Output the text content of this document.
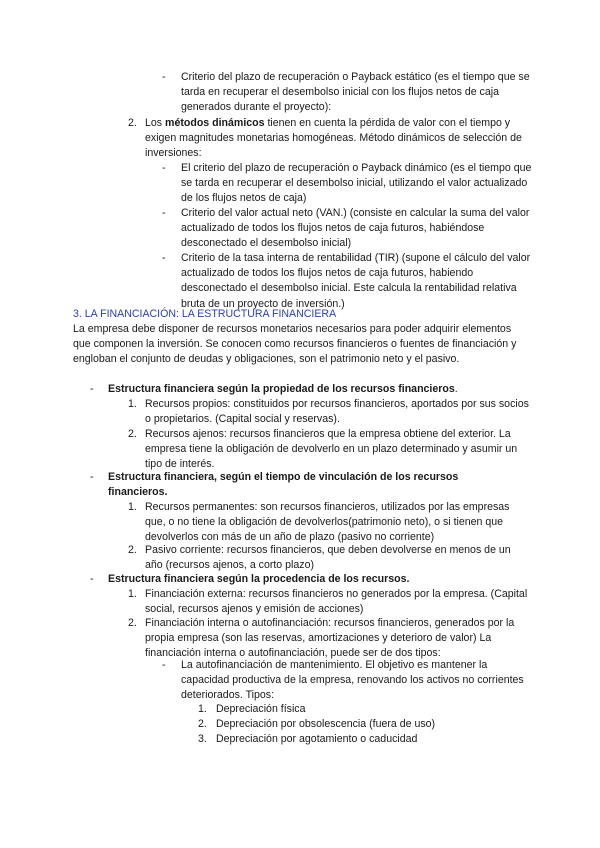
- Criterio del plazo de recuperación o Payback estático (es el tiempo que se tarda en recuperar el desembolso inicial con los flujos netos de caja generados durante el proyecto):
2. Los métodos dinámicos tienen en cuenta la pérdida de valor con el tiempo y exigen magnitudes monetarias homogéneas. Método dinámicos de selección de inversiones:
- El criterio del plazo de recuperación o Payback dinámico (es el tiempo que se tarda en recuperar el desembolso inicial, utilizando el valor actualizado de los flujos netos de caja)
- Criterio del valor actual neto (VAN.) (consiste en calcular la suma del valor actualizado de todos los flujos netos de caja futuros, habiéndose desconectado el desembolso inicial)
- Criterio de la tasa interna de rentabilidad (TIR) (supone el cálculo del valor actualizado de todos los flujos netos de caja futuros, habiendo desconectado el desembolso inicial. Este calcula la rentabilidad relativa bruta de un proyecto de inversión.)
3. LA FINANCIACIÓN: LA ESTRUCTURA FINANCIERA
La empresa debe disponer de recursos monetarios necesarios para poder adquirir elementos que componen la inversión. Se conocen como recursos financieros o fuentes de financiación y engloban el conjunto de deudas y obligaciones, son el patrimonio neto y el pasivo.
- Estructura financiera según la propiedad de los recursos financieros.
1. Recursos propios: constituidos por recursos financieros, aportados por sus socios o propietarios. (Capital social y reservas).
2. Recursos ajenos: recursos financieros que la empresa obtiene del exterior. La empresa tiene la obligación de devolverlo en un plazo determinado y asumir un tipo de interés.
- Estructura financiera, según el tiempo de vinculación de los recursos financieros.
1. Recursos permanentes: son recursos financieros, utilizados por las empresas que, o no tiene la obligación de devolverlos(patrimonio neto), o si tienen que devolverlos con más de un año de plazo (pasivo no corriente)
2. Pasivo corriente: recursos financieros, que deben devolverse en menos de un año (recursos ajenos, a corto plazo)
- Estructura financiera según la procedencia de los recursos.
1. Financiación externa: recursos financieros no generados por la empresa. (Capital social, recursos ajenos y emisión de acciones)
2. Financiación interna o autofinanciación: recursos financieros, generados por la propia empresa (son las reservas, amortizaciones y deterioro de valor) La financiación interna o autofinanciación, puede ser de dos tipos:
- La autofinanciación de mantenimiento. El objetivo es mantener la capacidad productiva de la empresa, renovando los activos no corrientes deteriorados. Tipos:
1. Depreciación física
2. Depreciación por obsolescencia (fuera de uso)
3. Depreciación por agotamiento o caducidad
